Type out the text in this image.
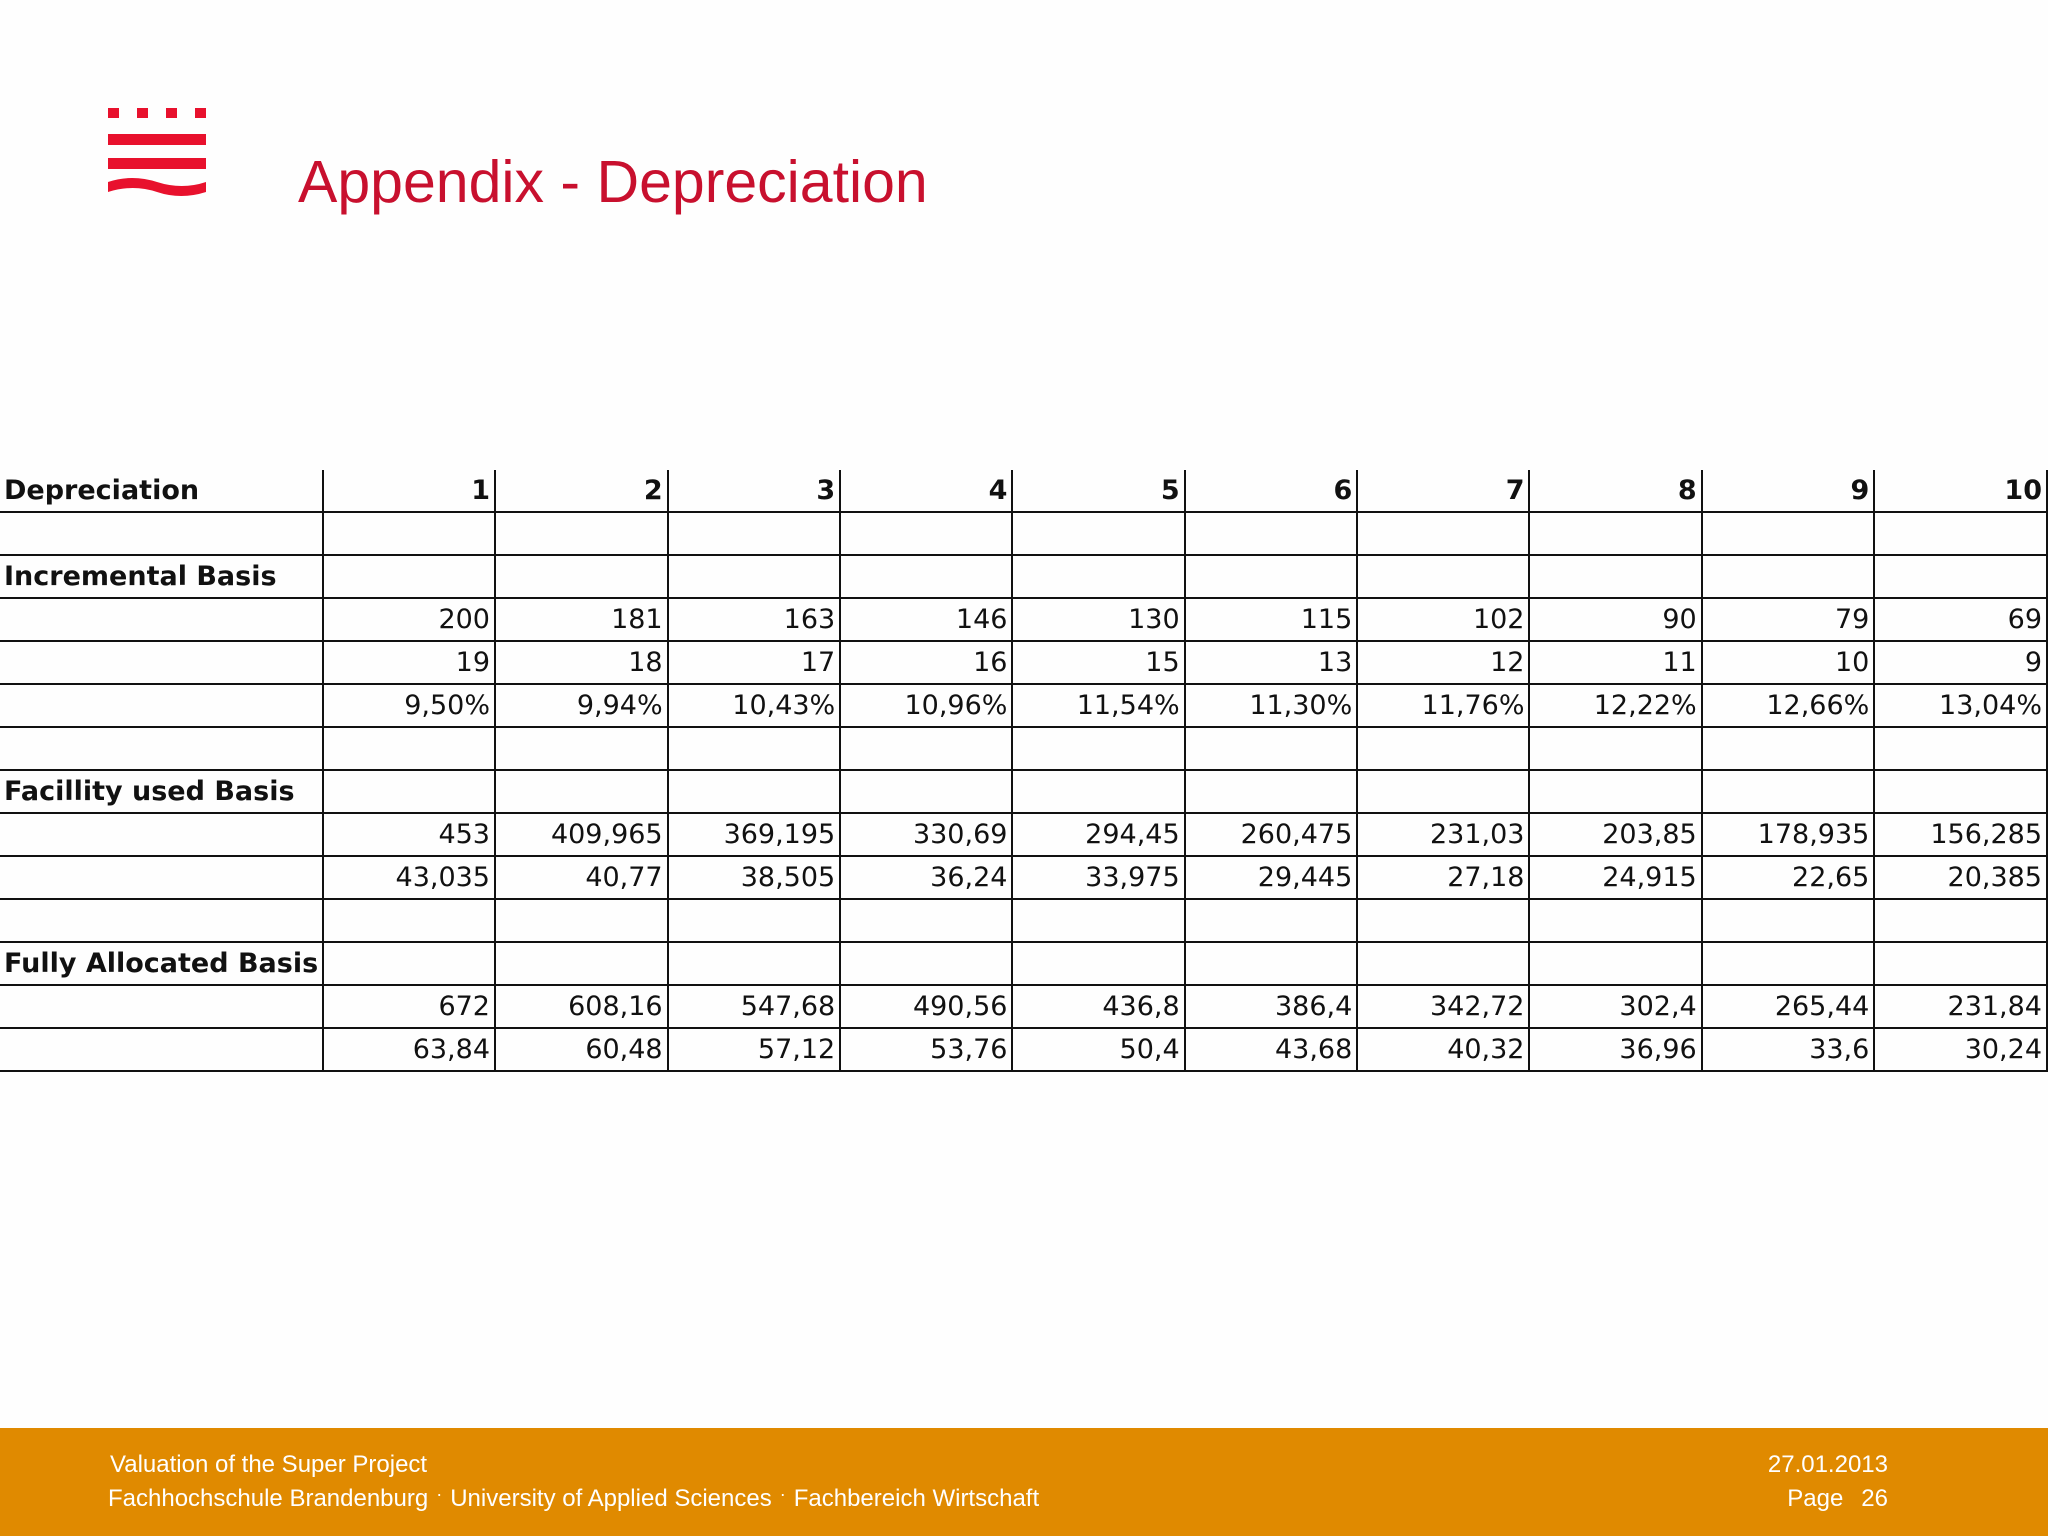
Appendix - Depreciation
Depreciation	1	2	3	4	5	6	7	8	9	10

Incremental Basis										
	200	181	163	146	130	115	102	90	79	69
	19	18	17	16	15	13	12	11	10	9
	9,50%	9,94%	10,43%	10,96%	11,54%	11,30%	11,76%	12,22%	12,66%	13,04%

Facillity used Basis										
	453	409,965	369,195	330,69	294,45	260,475	231,03	203,85	178,935	156,285
	43,035	40,77	38,505	36,24	33,975	29,445	27,18	24,915	22,65	20,385

Fully Allocated Basis										
	672	608,16	547,68	490,56	436,8	386,4	342,72	302,4	265,44	231,84
	63,84	60,48	57,12	53,76	50,4	43,68	40,32	36,96	33,6	30,24
Valuation of the Super Project
Fachhochschule Brandenburg · University of Applied Sciences · Fachbereich Wirtschaft
27.01.2013
Page 26
